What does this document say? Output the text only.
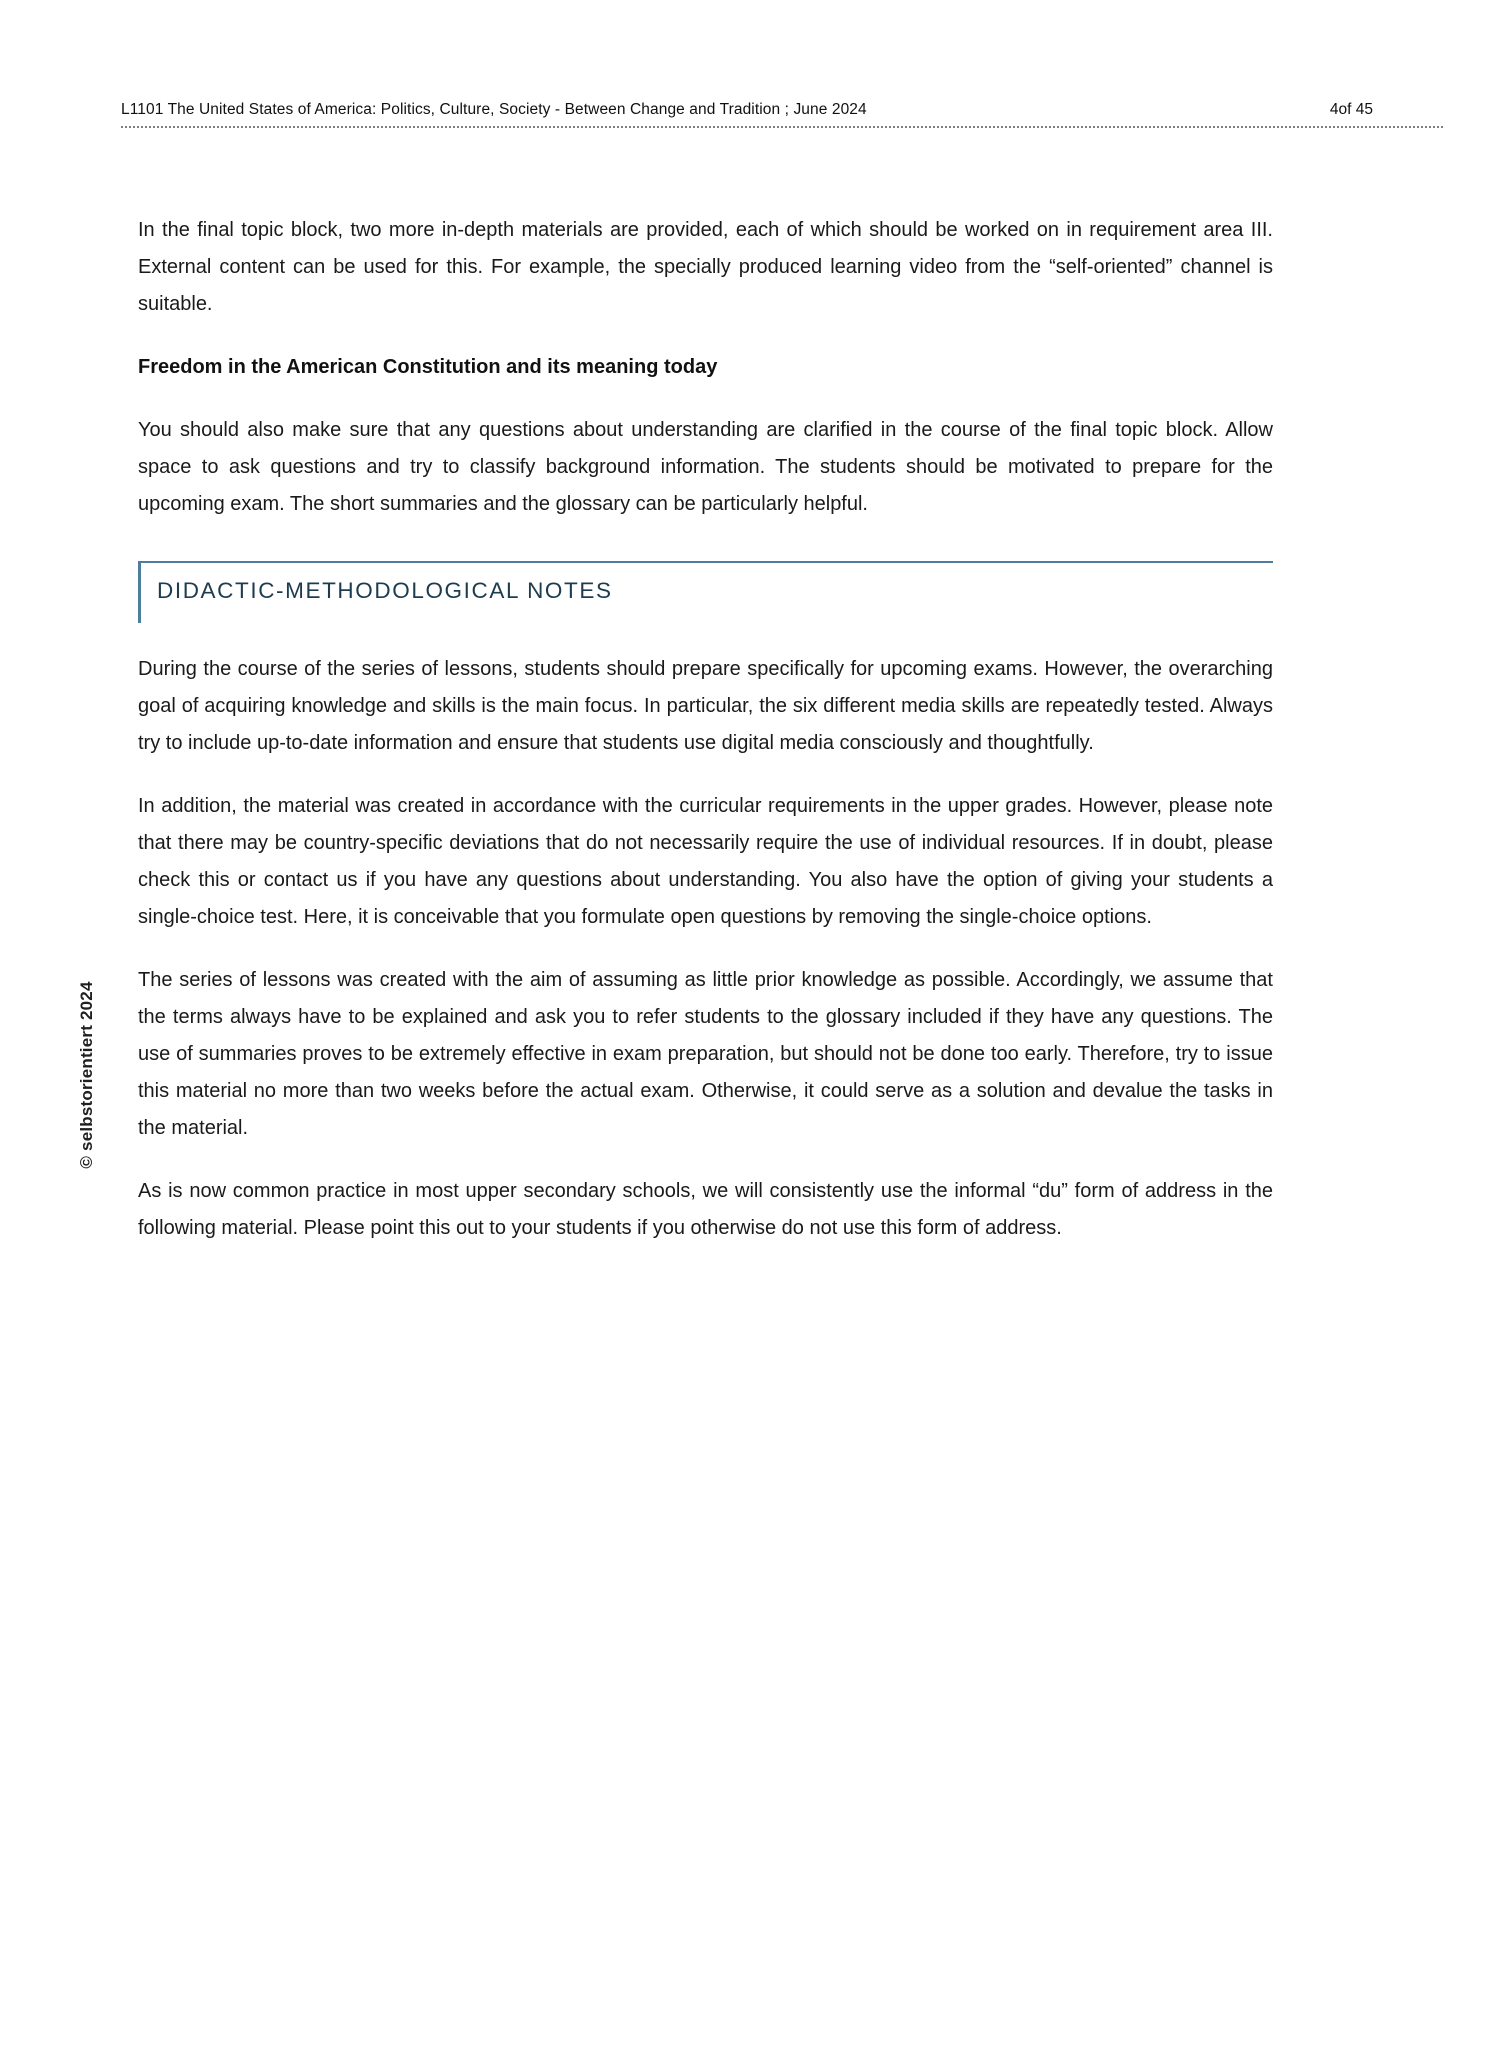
L1101 The United States of America: Politics, Culture, Society - Between Change and Tradition ; June 2024	4of 45

In the final topic block, two more in-depth materials are provided, each of which should be worked on in requirement area III. External content can be used for this. For example, the specially produced learning video from the “self-oriented” channel is suitable.

Freedom in the American Constitution and its meaning today

You should also make sure that any questions about understanding are clarified in the course of the final topic block. Allow space to ask questions and try to classify background information. The students should be motivated to prepare for the upcoming exam. The short summaries and the glossary can be particularly helpful.

DIDACTIC-METHODOLOGICAL NOTES

During the course of the series of lessons, students should prepare specifically for upcoming exams. However, the overarching goal of acquiring knowledge and skills is the main focus. In particular, the six different media skills are repeatedly tested. Always try to include up-to-date information and ensure that students use digital media consciously and thoughtfully.

In addition, the material was created in accordance with the curricular requirements in the upper grades. However, please note that there may be country-specific deviations that do not necessarily require the use of individual resources. If in doubt, please check this or contact us if you have any questions about understanding. You also have the option of giving your students a single-choice test. Here, it is conceivable that you formulate open questions by removing the single-choice options.

The series of lessons was created with the aim of assuming as little prior knowledge as possible. Accordingly, we assume that the terms always have to be explained and ask you to refer students to the glossary included if they have any questions. The use of summaries proves to be extremely effective in exam preparation, but should not be done too early. Therefore, try to issue this material no more than two weeks before the actual exam. Otherwise, it could serve as a solution and devalue the tasks in the material.

As is now common practice in most upper secondary schools, we will consistently use the informal “du” form of address in the following material. Please point this out to your students if you otherwise do not use this form of address.

© selbstorientiert 2024
